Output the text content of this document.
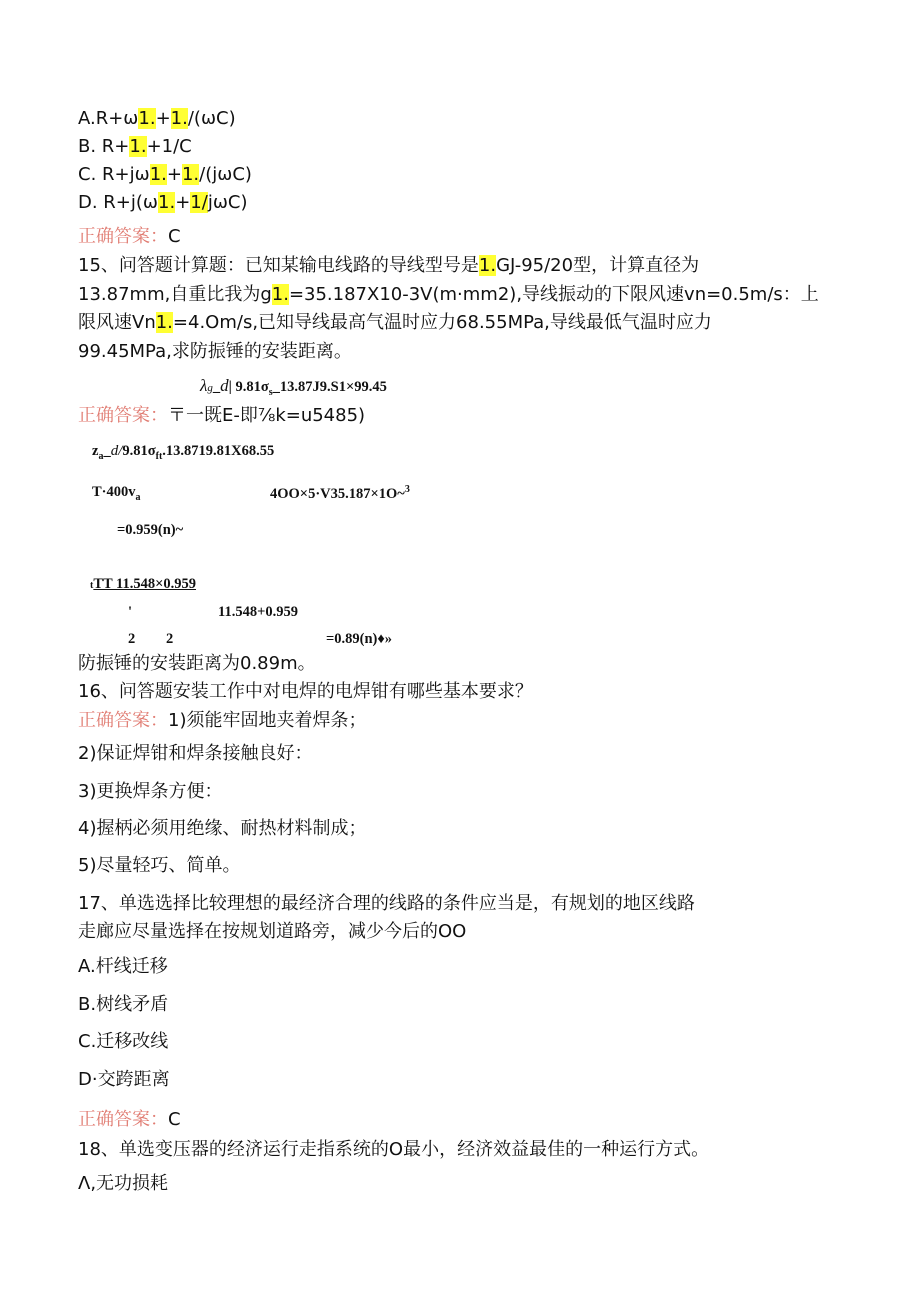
A.R+ω1.+1./(ωC)
B. R+1.+1/C
C. R+jω1.+1./(jωC)
D. R+j(ω1.+1/jωC)
正确答案：C
15、问答题计算题：已知某输电线路的导线型号是1.GJ-95/20型，计算直径为
13.87mm,自重比我为g1.=35.187X10-3V(m·mm2),导线振动的下限风速vn=0.5m/s：上
限风速Vn1.=4.Om/s,已知导线最高气温时应力68.55MPa,导线最低气温时应力
99.45MPa,求防振锤的安装距离。
λg_d| $9.81\sigma_s\_13.87J9.S1\times 99.45$
正确答案：〒一既E-即⅞k=u5485)
$z_a\_d/9.81\sigma_{ft}.13.8719.81X68.55$
$T\cdot 400v_a$	4OO×5·V35.187×1O~$^3$
=0.959(n)~
tTT 11.548×0.959
'	11.548+0.959
2 2	=0.89(n)♦»
防振锤的安装距离为0.89m。
16、问答题安装工作中对电焊的电焊钳有哪些基本要求？
正确答案：1)须能牢固地夹着焊条；
2)保证焊钳和焊条接触良好：
3)更换焊条方便：
4)握柄必须用绝缘、耐热材料制成；
5)尽量轻巧、简单。
17、单选选择比较理想的最经济合理的线路的条件应当是，有规划的地区线路
走廊应尽量选择在按规划道路旁，减少今后的OO
A.杆线迁移
B.树线矛盾
C.迁移改线
D·交跨距离
正确答案：C
18、单选变压器的经济运行走指系统的O最小，经济效益最佳的一种运行方式。
Λ,无功损耗
